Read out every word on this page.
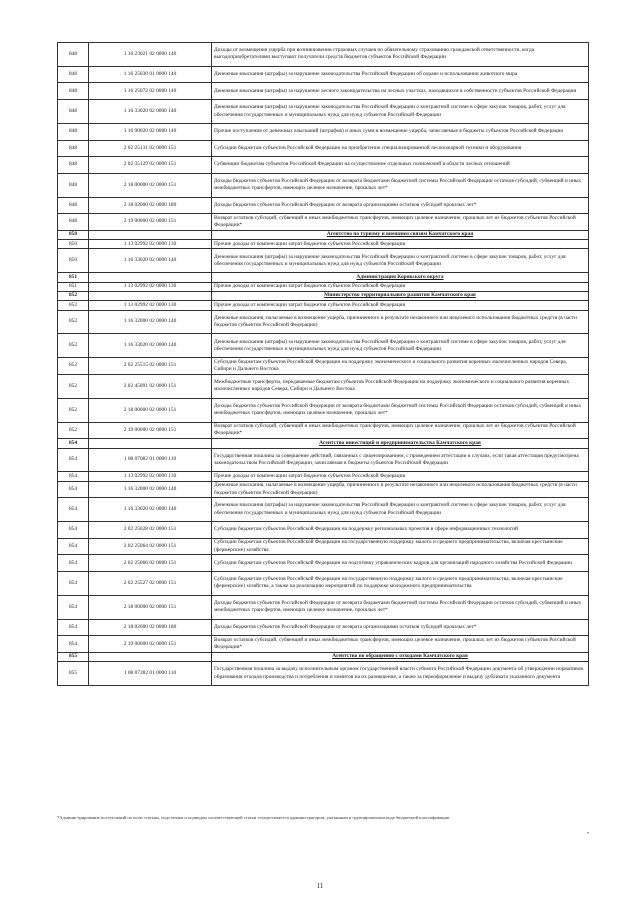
848	1 16 23021 02 0000 140	Доходы от возмещения ущерба при возникновении страховых случаев по обязательному страхованию гражданской ответственности, когда выгодоприобретателями выступают получатели средств бюджетов субъектов Российской Федерации
848	1 16 25030 01 0000 140	Денежные взыскания (штрафы) за нарушение законодательства Российской Федерации об охране и использовании животного мира
848	1 16 25072 02 0000 140	Денежные взыскания (штрафы) за нарушение лесного законодательства на лесных участках, находящихся в собственности субъектов Российской Федерации
848	1 16 33020 02 0000 140	Денежные взыскания (штрафы) за нарушение законодательства Российской Федерации о контрактной системе в сфере закупок товаров, работ, услуг для обеспечения государственных и муниципальных нужд для нужд субъектов Российской Федерации
848	1 16 90020 02 0000 140	Прочие поступления от денежных взысканий (штрафов) и иных сумм в возмещение ущерба, зачисляемые в бюджеты субъектов Российской Федерации
848	2 02 25131 02 0000 151	Субсидии бюджетам субъектов Российской Федерации на приобретение специализированной лесопожарной техники и оборудования
848	2 02 35129 02 0000 151	Субвенции бюджетам субъектов Российской Федерации на осуществление отдельных полномочий в области лесных отношений
848	2 18 00000 02 0000 151	Доходы бюджетов субъектов Российской Федерации от возврата бюджетами бюджетной системы Российской Федерации остатков субсидий, субвенций и иных межбюджетных трансфертов, имеющих целевое назначение, прошлых лет*
848	2 18 02000 02 0000 180	Доходы бюджетов субъектов Российской Федерации от возврата организациями остатков субсидий прошлых лет*
848	2 19 00000 02 0000 151	Возврат остатков субсидий, субвенций и иных межбюджетных трансфертов, имеющих целевое назначение, прошлых лет из бюджетов субъектов Российской Федерации*
850		Агентство по туризму и внешним связям Камчатского края
850	1 13 02992 02 0000 130	Прочие доходы от компенсации затрат бюджетов субъектов Российской Федерации
850	1 16 33020 02 0000 140	Денежные взыскания (штрафы) за нарушение законодательства Российской Федерации о контрактной системе в сфере закупок товаров, работ, услуг для обеспечения государственных и муниципальных нужд для нужд субъектов Российской Федерации
851		Администрация Корякского округа
851	1 13 02992 02 0000 130	Прочие доходы от компенсации затрат бюджетов субъектов Российской Федерации
852		Министерство территориального развития Камчатского края
852	1 13 02992 02 0000 130	Прочие доходы от компенсации затрат бюджетов субъектов Российской Федерации
852	1 16 32000 02 0000 140	Денежные взыскания, налагаемые в возмещение ущерба, причиненного в результате незаконного или нецелевого использования бюджетных средств (в части бюджетов субъектов Российской Федерации)
852	1 16 33020 02 0000 140	Денежные взыскания (штрафы) за нарушение законодательства Российской Федерации о контрактной системе в сфере закупок товаров, работ, услуг для обеспечения государственных и муниципальных нужд для нужд субъектов Российской Федерации
852	2 02 25515 02 0000 151	Субсидии бюджетам субъектов Российской Федерации на поддержку экономического и социального развития коренных малочисленных народов Севера, Сибири и Дальнего Востока
852	2 02 45091 02 0000 151	Межбюджетные трансферты, передаваемые бюджетам субъектов Российской Федерации на поддержку экономического и социального развития коренных малочисленных народов Севера, Сибири и Дальнего Востока
852	2 18 00000 02 0000 151	Доходы бюджетов субъектов Российской Федерации от возврата бюджетами бюджетной системы Российской Федерации остатков субсидий, субвенций и иных межбюджетных трансфертов, имеющих целевое назначение, прошлых лет*
852	2 19 00000 02 0000 151	Возврат остатков субсидий, субвенций и иных межбюджетных трансфертов, имеющих целевое назначение, прошлых лет из бюджетов субъектов Российской Федерации*
854		Агентство инвестиций и предпринимательства Камчатского края
854	1 08 07082 01 0000 110	Государственная пошлина за совершение действий, связанных с лицензированием, с проведением аттестации в случаях, если такая аттестация предусмотрена законодательством Российской Федерации, зачисляемая в бюджеты субъектов Российской Федерации
854	1 13 02992 02 0000 130	Прочие доходы от компенсации затрат бюджетов субъектов Российской Федерации
854	1 16 32000 02 0000 140	Денежные взыскания, налагаемые в возмещение ущерба, причиненного в результате незаконного или нецелевого использования бюджетных средств (в части бюджетов субъектов Российской Федерации)
854	1 16 33020 02 0000 140	Денежные взыскания (штрафы) за нарушение законодательства Российской Федерации о контрактной системе в сфере закупок товаров, работ, услуг для обеспечения государственных и муниципальных нужд для нужд субъектов Российской Федерации
854	2 02 25028 02 0000 151	Субсидии бюджетам субъектов Российской Федерации на поддержку региональных проектов в сфере информационных технологий
854	2 02 25064 02 0000 151	Субсидии бюджетам субъектов Российской Федерации на государственную поддержку малого и среднего предпринимательства, включая крестьянские (фермерские) хозяйства
854	2 02 25066 02 0000 151	Субсидии бюджетам субъектов Российской Федерации на подготовку управленческих кадров для организаций народного хозяйства Российской Федерации
854	2 02 25527 02 0000 151	Субсидии бюджетам субъектов Российской Федерации на государственную поддержку малого и среднего предпринимательства, включая крестьянские (фермерские) хозяйства, а также на реализацию мероприятий по поддержке молодежного предпринимательства
854	2 18 00000 02 0000 151	Доходы бюджетов субъектов Российской Федерации от возврата бюджетами бюджетной системы Российской Федерации остатков субсидий, субвенций и иных межбюджетных трансфертов, имеющих целевое назначение, прошлых лет*
854	2 18 02000 02 0000 180	Доходы бюджетов субъектов Российской Федерации от возврата организациями остатков субсидий прошлых лет*
854	2 19 00000 02 0000 151	Возврат остатков субсидий, субвенций и иных межбюджетных трансфертов, имеющих целевое назначение, прошлых лет из бюджетов субъектов Российской Федерации*
855		Агентство по обращению с отходами Камчатского края
855	1 08 07282 01 0000 110	Государственная пошлина за выдачу исполнительным органом государственной власти субъекта Российской Федерации документа об утверждении нормативов образования отходов производства и потребления и лимитов на их размещение, а также за переоформление и выдачу дубликата указанного документа
*Администрирование поступлений по всем статьям, подстатьям и подвидам соответствующей статьи осуществляется администратором, указанным в группировочном коде бюджетной классификации
•
11
